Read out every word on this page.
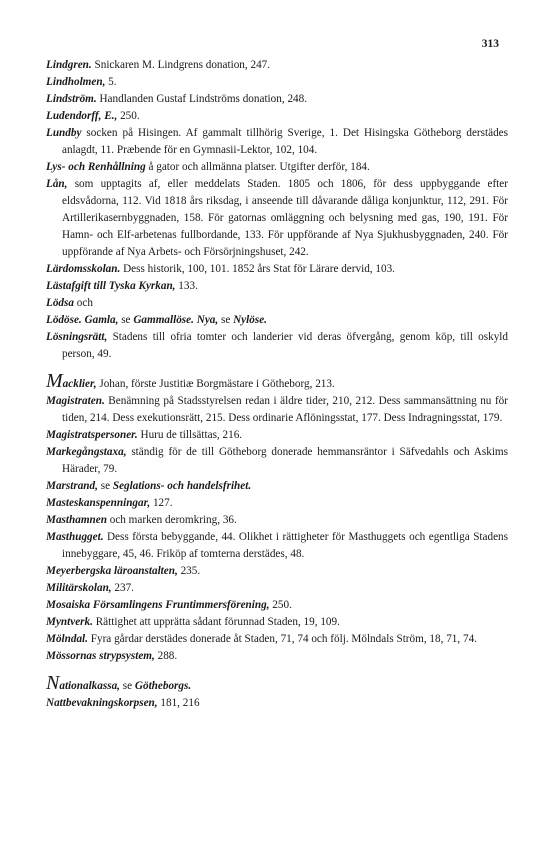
313

Lindgren. Snickaren M. Lindgrens donation, 247.

Lindholmen, 5.

Lindström. Handlanden Gustaf Lindströms donation, 248.

Ludendorff, E., 250.

Lundby socken på Hisingen. Af gammalt tillhörig Sverige, 1. Det Hisingska Götheborg derstädes anlagdt, 11. Præbende för en Gymnasii-Lektor, 102, 104.

Lys- och Renhållning å gator och allmänna platser. Utgifter derför, 184.

Lån, som upptagits af, eller meddelats Staden. 1805 och 1806, för dess uppbyggande efter eldsvådorna, 112. Vid 1818 års riksdag, i anseende till dåvarande dåliga konjunktur, 112, 291. För Artillerikasernbyggnaden, 158. För gatornas omläggning och belysning med gas, 190, 191. För Hamn- och Elf-arbetenas fullbordande, 133. För uppförande af Nya Sjukhusbyggnaden, 240. För uppförande af Nya Arbets- och Försörjningshuset, 242.

Lärdomsskolan. Dess historik, 100, 101. 1852 års Stat för Lärare dervid, 103.

Lästafgift till Tyska Kyrkan, 133.

Lödsa och

Lödöse. Gamla, se Gammallöse. Nya, se Nylöse.

Lösningsrätt, Stadens till ofria tomter och landerier vid deras öfvergång, genom köp, till oskyld person, 49.

Macklier, Johan, förste Justitiæ Borgmästare i Götheborg, 213.

Magistraten. Benämning på Stadsstyrelsen redan i äldre tider, 210, 212. Dess sammansättning nu för tiden, 214. Dess exekutionsrätt, 215. Dess ordinarie Aflöningsstat, 177. Dess Indragningsstat, 179.

Magistratspersoner. Huru de tillsättas, 216.

Markegångstaxa, ständig för de till Götheborg donerade hemmansräntor i Säfvedahls och Askims Härader, 79.

Marstrand, se Seglations- och handelsfrihet.

Masteskanspenningar, 127.

Masthamnen och marken deromkring, 36.

Masthugget. Dess första bebyggande, 44. Olikhet i rättigheter för Masthuggets och egentliga Stadens innebyggare, 45, 46. Friköp af tomterna derstädes, 48.

Meyerbergska läroanstalten, 235.

Militärskolan, 237.

Mosaiska Församlingens Fruntimmersförening, 250.

Myntverk. Rättighet att upprätta sådant förunnad Staden, 19, 109.

Mölndal. Fyra gårdar derstädes donerade åt Staden, 71, 74 och följ. Mölndals Ström, 18, 71, 74.

Mössornas strypsystem, 288.

Nationalkassa, se Götheborgs.

Nattbevakningskorpsen, 181, 216
